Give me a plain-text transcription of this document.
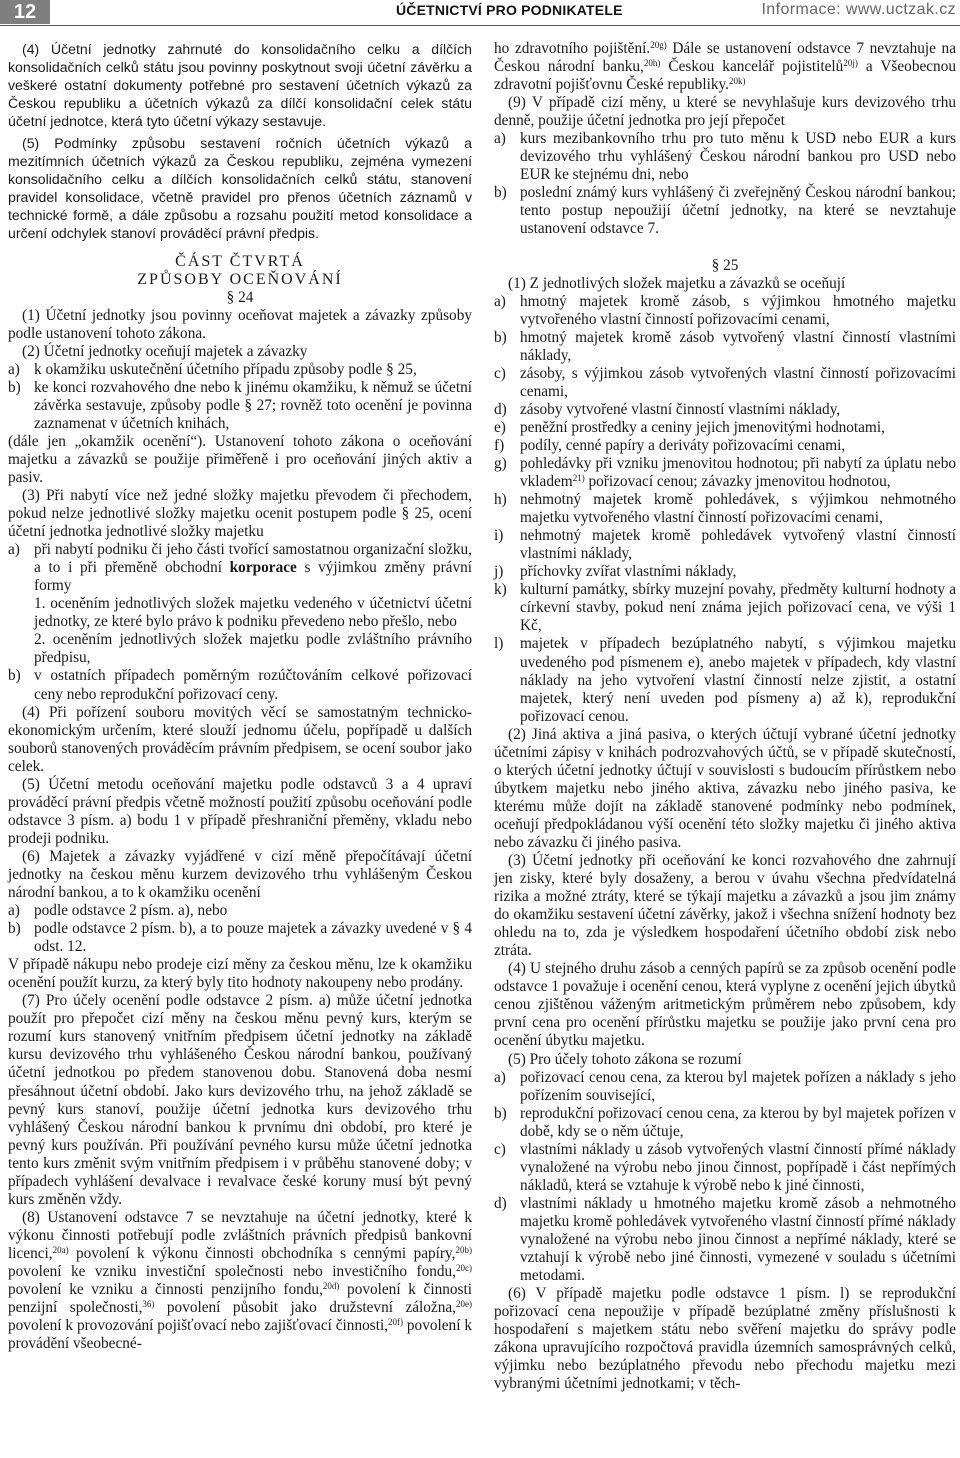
12	ÚČETNICTVÍ PRO PODNIKATELE	Informace: www.uctzak.cz

(4) Účetní jednotky zahrnuté do konsolidačního celku a dílčích konsolidačních celků státu jsou povinny poskytnout svoji účetní závěrku a veškeré ostatní dokumenty potřebné pro sestavení účetních výkazů za Českou republiku a účetních výkazů za dílčí konsolidační celek státu účetní jednotce, která tyto účetní výkazy sestavuje.

(5) Podmínky způsobu sestavení ročních účetních výkazů a mezitímních účetních výkazů za Českou republiku, zejména vymezení konsolidačního celku a dílčích konsolidačních celků státu, stanovení pravidel konsolidace, včetně pravidel pro přenos účetních záznamů v technické formě, a dále způsobu a rozsahu použití metod konsolidace a určení odchylek stanoví prováděcí právní předpis.

ČÁST ČTVRTÁ
ZPŮSOBY OCEŇOVÁNÍ
§ 24

(1) Účetní jednotky jsou povinny oceňovat majetek a závazky způsoby podle ustanovení tohoto zákona.

(2) Účetní jednotky oceňují majetek a závazky

a) k okamžiku uskutečnění účetního případu způsoby podle § 25,
b) ke konci rozvahového dne nebo k jinému okamžiku, k němuž se účetní závěrka sestavuje, způsoby podle § 27; rovněž toto ocenění je povinna zaznamenat v účetních knihách,

(dále jen „okamžik ocenění“). Ustanovení tohoto zákona o oceňování majetku a závazků se použije přiměřeně i pro oceňování jiných aktiv a pasiv.

(3) Při nabytí více než jedné složky majetku převodem či přechodem, pokud nelze jednotlivé složky majetku ocenit postupem podle § 25, ocení účetní jednotka jednotlivé složky majetku

a) při nabytí podniku či jeho části tvořící samostatnou organizační složku, a to i při přeměně obchodní korporace s výjimkou změny právní formy
1. oceněním jednotlivých složek majetku vedeného v účetnictví účetní jednotky, ze které bylo právo k podniku převedeno nebo přešlo, nebo
2. oceněním jednotlivých složek majetku podle zvláštního právního předpisu,
b) v ostatních případech poměrným rozúčtováním celkové pořizovací ceny nebo reprodukční pořizovací ceny.

(4) Při pořízení souboru movitých věcí se samostatným technicko-ekonomickým určením, které slouží jednomu účelu, popřípadě u dalších souborů stanovených prováděcím právním předpisem, se ocení soubor jako celek.

(5) Účetní metodu oceňování majetku podle odstavců 3 a 4 upraví prováděcí právní předpis včetně možností použití způsobu oceňování podle odstavce 3 písm. a) bodu 1 v případě přeshraniční přeměny, vkladu nebo prodeji podniku.

(6) Majetek a závazky vyjádřené v cizí měně přepočítávají účetní jednotky na českou měnu kurzem devizového trhu vyhlášeným Českou národní bankou, a to k okamžiku ocenění

a) podle odstavce 2 písm. a), nebo
b) podle odstavce 2 písm. b), a to pouze majetek a závazky uvedené v § 4 odst. 12.

V případě nákupu nebo prodeje cizí měny za českou měnu, lze k okamžiku ocenění použít kurzu, za který byly tito hodnoty nakoupeny nebo prodány.

(7) Pro účely ocenění podle odstavce 2 písm. a) může účetní jednotka použít pro přepočet cizí měny na českou měnu pevný kurs, kterým se rozumí kurs stanovený vnitřním předpisem účetní jednotky na základě kursu devizového trhu vyhlášeného Českou národní bankou, používaný účetní jednotkou po předem stanovenou dobu. Stanovená doba nesmí přesáhnout účetní období. Jako kurs devizového trhu, na jehož základě se pevný kurs stanoví, použije účetní jednotka kurs devizového trhu vyhlášený Českou národní bankou k prvnímu dni období, pro které je pevný kurs používán. Při používání pevného kursu může účetní jednotka tento kurs změnit svým vnitřním předpisem i v průběhu stanovené doby; v případech vyhlášení devalvace i revalvace české koruny musí být pevný kurs změněn vždy.

(8) Ustanovení odstavce 7 se nevztahuje na účetní jednotky, které k výkonu činnosti potřebují podle zvláštních právních předpisů bankovní licenci,$^{20a)}$ povolení k výkonu činnosti obchodníka s cennými papíry,$^{20b)}$ povolení ke vzniku investiční společnosti nebo investičního fondu,$^{20c)}$ povolení ke vzniku a činnosti penzijního fondu,$^{20d)}$ povolení k činnosti penzijní společnosti,$^{36)}$ povolení působit jako družstevní záložna,$^{20e)}$ povolení k provozování pojišťovací nebo zajišťovací činnosti,$^{20f)}$ povolení k provádění všeobecné-

ho zdravotního pojištění.$^{20g)}$ Dále se ustanovení odstavce 7 nevztahuje na Českou národní banku,$^{20h)}$ Českou kancelář pojistitelů$^{20j)}$ a Všeobecnou zdravotní pojišťovnu České republiky.$^{20k)}$

(9) V případě cizí měny, u které se nevyhlašuje kurs devizového trhu denně, použije účetní jednotka pro její přepočet

a) kurs mezibankovního trhu pro tuto měnu k USD nebo EUR a kurs devizového trhu vyhlášený Českou národní bankou pro USD nebo EUR ke stejnému dni, nebo
b) poslední známý kurs vyhlášený či zveřejněný Českou národní bankou; tento postup nepoužijí účetní jednotky, na které se nevztahuje ustanovení odstavce 7.
§ 25

(1) Z jednotlivých složek majetku a závazků se oceňují

a) hmotný majetek kromě zásob, s výjimkou hmotného majetku vytvořeného vlastní činností pořizovacími cenami,
b) hmotný majetek kromě zásob vytvořený vlastní činností vlastními náklady,
c) zásoby, s výjimkou zásob vytvořených vlastní činností pořizovacími cenami,
d) zásoby vytvořené vlastní činností vlastními náklady,
e) peněžní prostředky a ceniny jejich jmenovitými hodnotami,
f)	podíly, cenné papíry a deriváty pořizovacími cenami,
g) pohledávky při vzniku jmenovitou hodnotou; při nabytí za úplatu nebo vkladem$^{21)}$ pořizovací cenou; závazky jmenovitou hodnotou,
h) nehmotný majetek kromě pohledávek, s výjimkou nehmotného majetku vytvořeného vlastní činností pořizovacími cenami,
i)	nehmotný majetek kromě pohledávek vytvořený vlastní činností vlastními náklady,
j)	příchovky zvířat vlastními náklady,
k) kulturní památky, sbírky muzejní povahy, předměty kulturní hodnoty a církevní stavby, pokud není známa jejich pořizovací cena, ve výši 1 Kč,
l)	majetek v případech bezúplatného nabytí, s výjimkou majetku uvedeného pod písmenem e), anebo majetek v případech, kdy vlastní náklady na jeho vytvoření vlastní činností nelze zjistit, a ostatní majetek, který není uveden pod písmeny a) až k), reprodukční pořizovací cenou.

(2) Jiná aktiva a jiná pasiva, o kterých účtují vybrané účetní jednotky účetními zápisy v knihách podrozvahových účtů, se v případě skutečností, o kterých účetní jednotky účtují v souvislosti s budoucím přírůstkem nebo úbytkem majetku nebo jiného aktiva, závazku nebo jiného pasiva, ke kterému může dojít na základě stanovené podmínky nebo podmínek, oceňují předpokládanou výší ocenění této složky majetku či jiného aktiva nebo závazku či jiného pasiva.

(3) Účetní jednotky při oceňování ke konci rozvahového dne zahrnují jen zisky, které byly dosaženy, a berou v úvahu všechna předvídatelná rizika a možné ztráty, které se týkají majetku a závazků a jsou jim známy do okamžiku sestavení účetní závěrky, jakož i všechna snížení hodnoty bez ohledu na to, zda je výsledkem hospodaření účetního období zisk nebo ztráta.

(4) U stejného druhu zásob a cenných papírů se za způsob ocenění podle odstavce 1 považuje i ocenění cenou, která vyplyne z ocenění jejich úbytků cenou zjištěnou váženým aritmetickým průměrem nebo způsobem, kdy první cena pro ocenění přírůstku majetku se použije jako první cena pro ocenění úbytku majetku.

(5) Pro účely tohoto zákona se rozumí

a) pořizovací cenou cena, za kterou byl majetek pořízen a náklady s jeho pořízením související,
b) reprodukční pořizovací cenou cena, za kterou by byl majetek pořízen v době, kdy se o něm účtuje,
c) vlastními náklady u zásob vytvořených vlastní činností přímé náklady vynaložené na výrobu nebo jinou činnost, popřípadě i část nepřímých nákladů, která se vztahuje k výrobě nebo k jiné činnosti,
d) vlastními náklady u hmotného majetku kromě zásob a nehmotného majetku kromě pohledávek vytvořeného vlastní činností přímé náklady vynaložené na výrobu nebo jinou činnost a nepřímé náklady, které se vztahují k výrobě nebo jiné činnosti, vymezené v souladu s účetními metodami.

(6) V případě majetku podle odstavce 1 písm. l) se reprodukční pořizovací cena nepoužije v případě bezúplatné změny příslušnosti k hospodaření s majetkem státu nebo svěření majetku do správy podle zákona upravujícího rozpočtová pravidla územních samosprávných celků, výjimku nebo bezúplatného převodu nebo přechodu majetku mezi vybranými účetními jednotkami; v těch-
